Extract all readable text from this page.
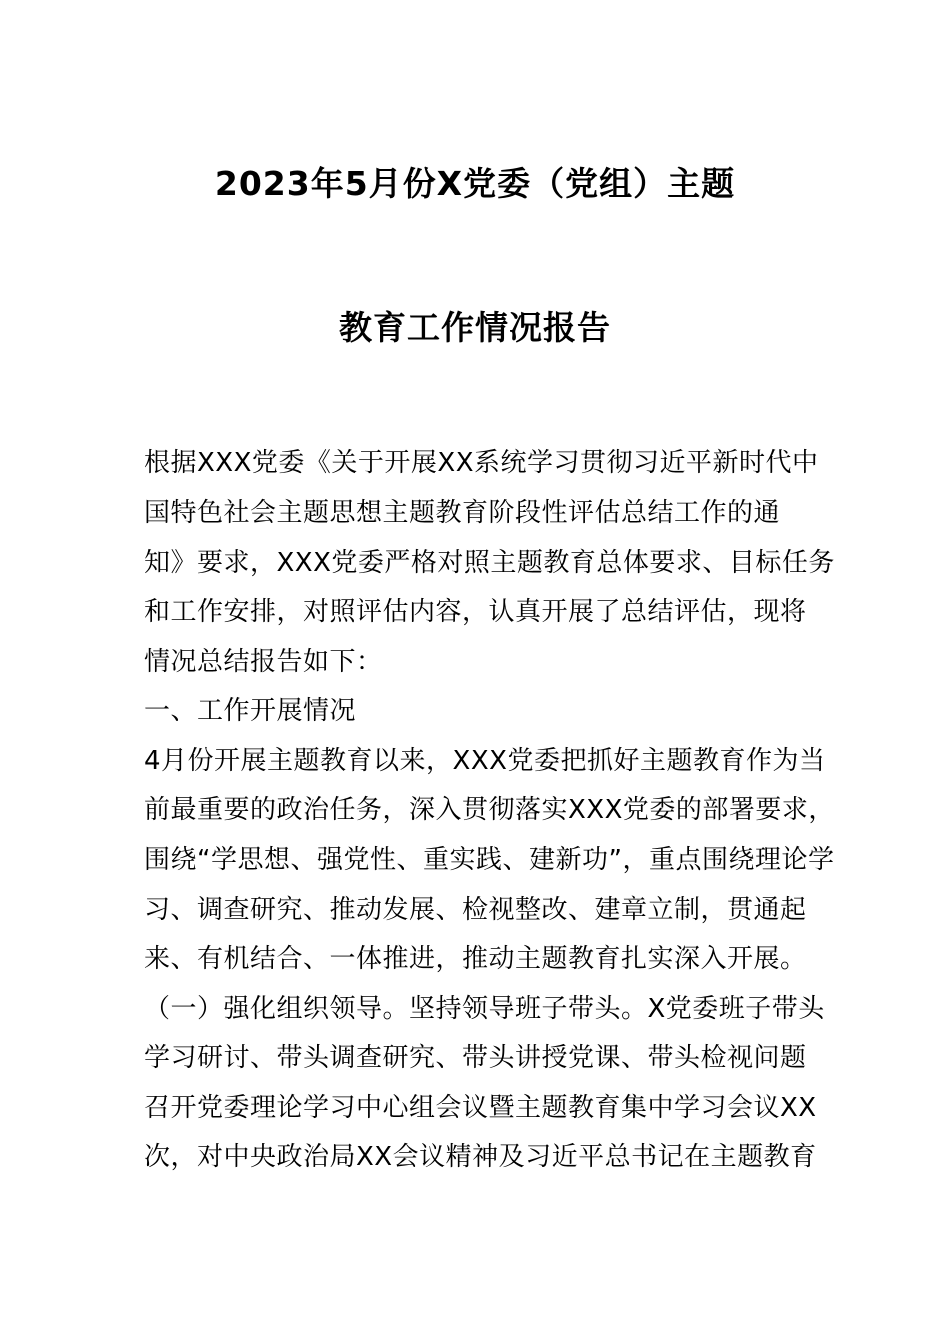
2023年5月份X党委（党组）主题
教育工作情况报告
根据XXX党委《关于开展XX系统学习贯彻习近平新时代中
国特色社会主题思想主题教育阶段性评估总结工作的通
知》要求，XXX党委严格对照主题教育总体要求、目标任务
和工作安排，对照评估内容，认真开展了总结评估，现将
情况总结报告如下：
一、工作开展情况
4月份开展主题教育以来，XXX党委把抓好主题教育作为当
前最重要的政治任务，深入贯彻落实XXX党委的部署要求，
围绕“学思想、强党性、重实践、建新功”，重点围绕理论学
习、调查研究、推动发展、检视整改、建章立制，贯通起
来、有机结合、一体推进，推动主题教育扎实深入开展。
（一）强化组织领导。坚持领导班子带头。X党委班子带头
学习研讨、带头调查研究、带头讲授党课、带头检视问题
召开党委理论学习中心组会议暨主题教育集中学习会议XX
次，对中央政治局XX会议精神及习近平总书记在主题教育
